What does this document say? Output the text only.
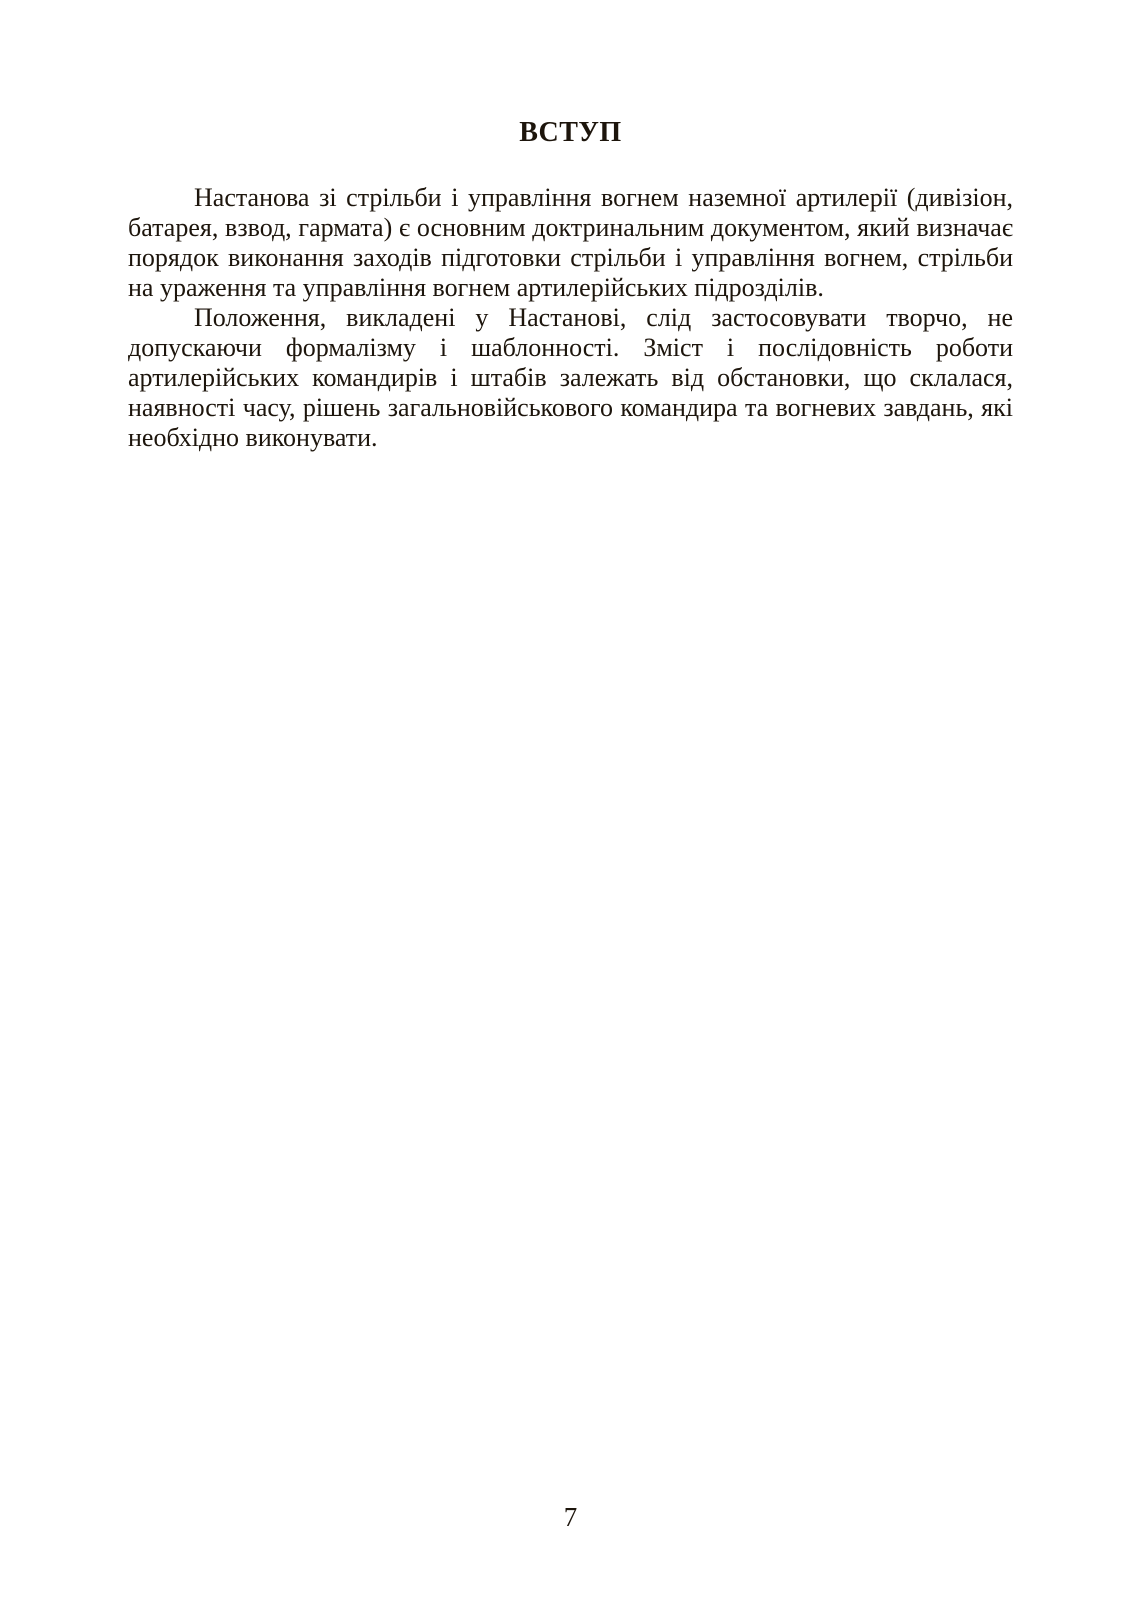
ВСТУП
Настанова зі стрільби і управління вогнем наземної артилерії (дивізіон,
батарея, взвод, гармата) є основним доктринальним документом, який визначає
порядок виконання заходів підготовки стрільби і управління вогнем, стрільби
на ураження та управління вогнем артилерійських підрозділів.
Положення, викладені у Настанові, слід застосовувати творчо, не
допускаючи формалізму і шаблонності. Зміст і послідовність роботи
артилерійських командирів і штабів залежать від обстановки, що склалася,
наявності часу, рішень загальновійськового командира та вогневих завдань, які
необхідно виконувати.
7
